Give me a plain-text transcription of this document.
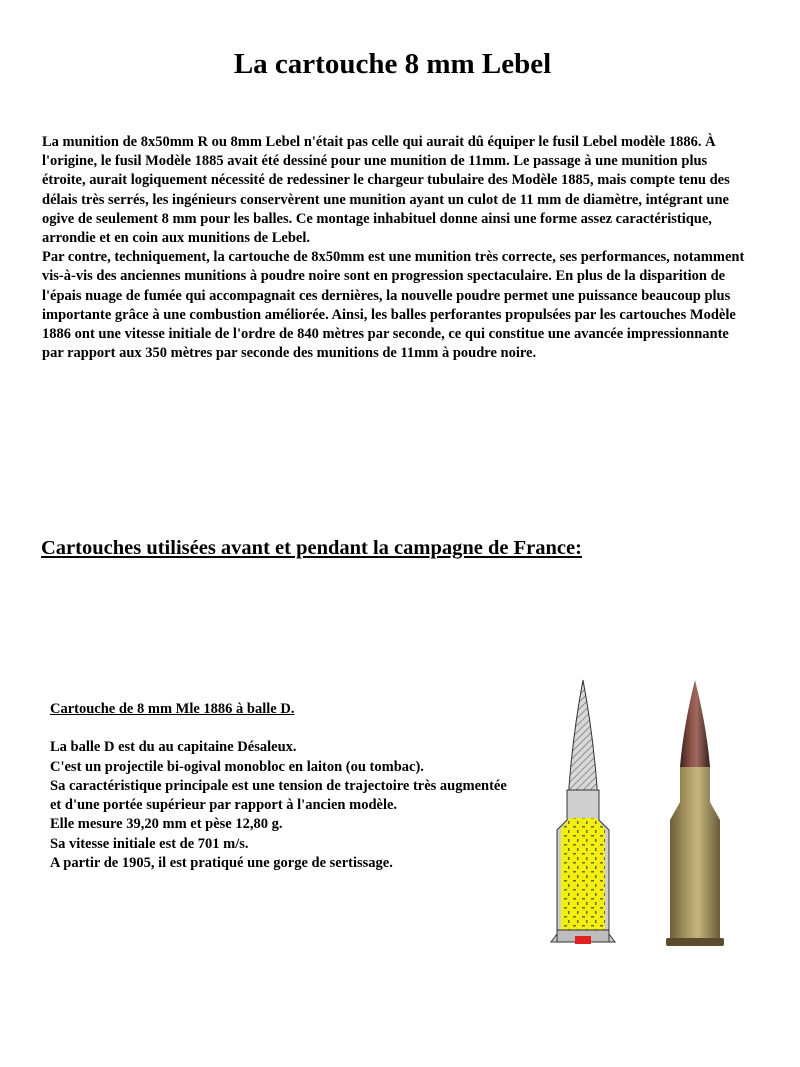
La cartouche 8 mm Lebel

La munition de 8x50mm R ou 8mm Lebel n'était pas celle qui aurait dû équiper le fusil Lebel modèle 1886. À l'origine, le fusil Modèle 1885 avait été dessiné pour une munition de 11mm. Le passage à une munition plus étroite, aurait logiquement nécessité de redessiner le chargeur tubulaire des Modèle 1885, mais compte tenu des délais très serrés, les ingénieurs conservèrent une munition ayant un culot de 11 mm de diamètre, intégrant une ogive de seulement 8 mm pour les balles. Ce montage inhabituel donne ainsi une forme assez caractéristique, arrondie et en coin aux munitions de Lebel.

Par contre, techniquement, la cartouche de 8x50mm est une munition très correcte, ses performances, notamment vis-à-vis des anciennes munitions à poudre noire sont en progression spectaculaire. En plus de la disparition de l'épais nuage de fumée qui accompagnait ces dernières, la nouvelle poudre permet une puissance beaucoup plus importante grâce à une combustion améliorée. Ainsi, les balles perforantes propulsées par les cartouches Modèle 1886 ont une vitesse initiale de l'ordre de 840 mètres par seconde, ce qui constitue une avancée impressionnante par rapport aux 350 mètres par seconde des munitions de 11mm à poudre noire.

Cartouches utilisées avant et pendant la campagne de France:

Cartouche de 8 mm Mle 1886 à balle D.

La balle D est du au capitaine Désaleux.
C'est un projectile bi-ogival monobloc en laiton (ou tombac).
Sa caractéristique principale est une tension de trajectoire très augmentée et d'une portée supérieur par rapport à l'ancien modèle.
Elle mesure 39,20 mm et pèse 12,80 g.
Sa vitesse initiale est de 701 m/s.
A partir de 1905, il est pratiqué une gorge de sertissage.
